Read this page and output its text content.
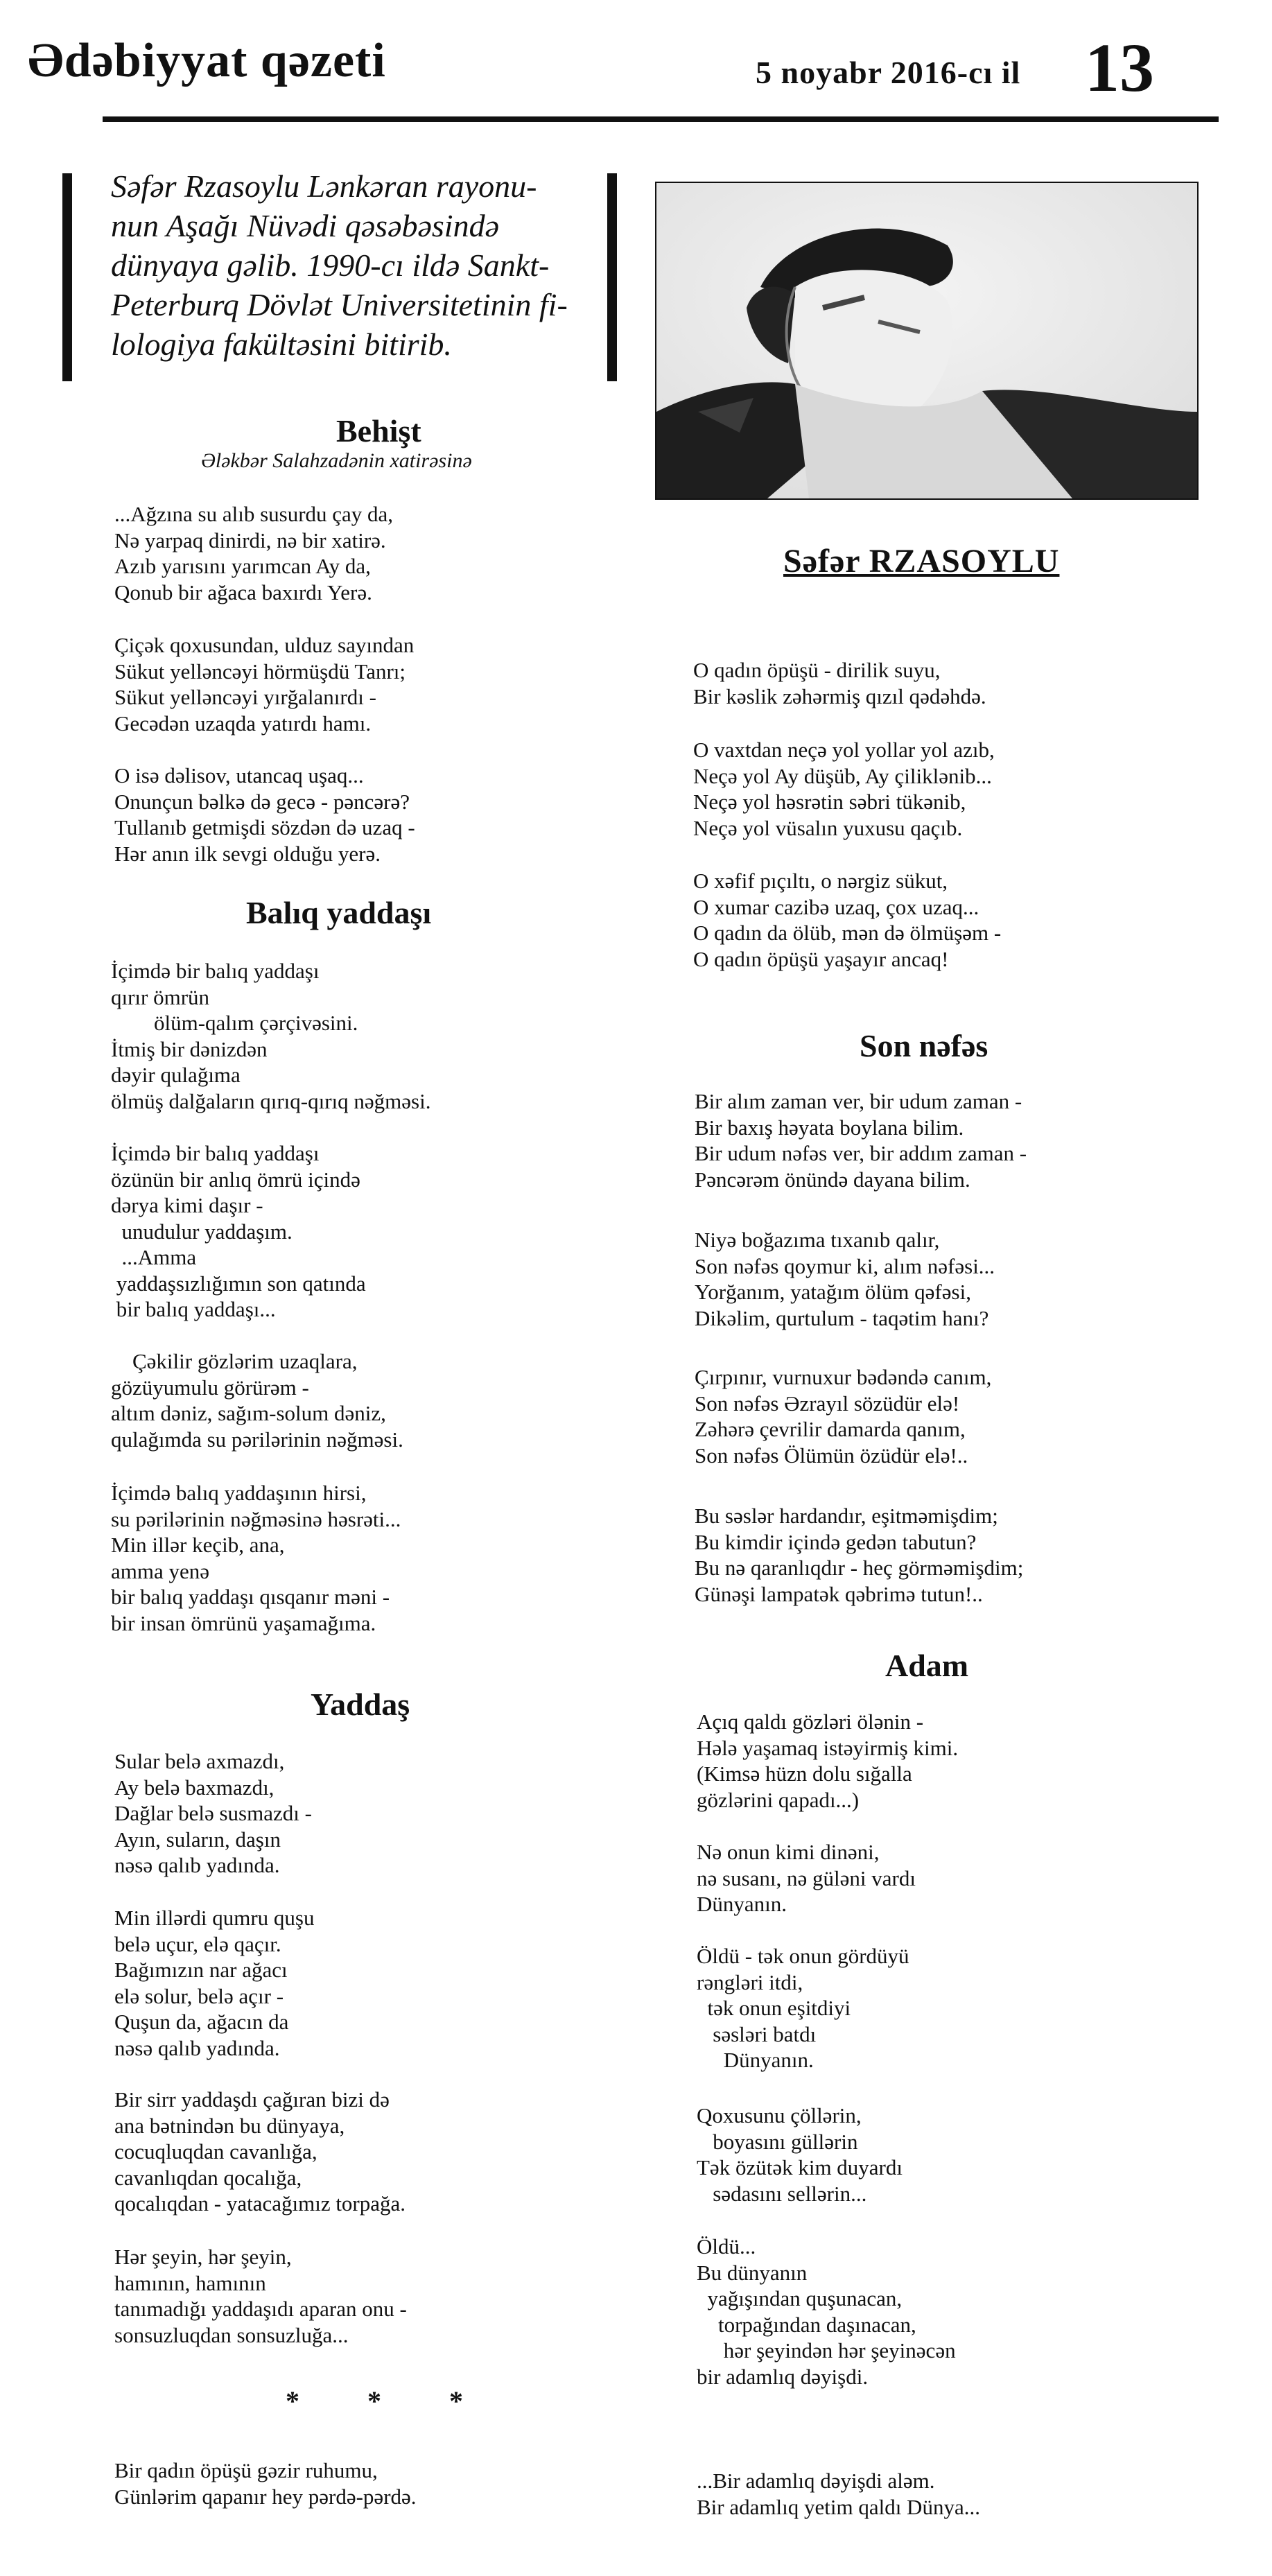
Ədəbiyyat qəzeti	5 noyabr 2016-cı il 13
Səfər Rzasoylu Lənkəran rayonu-
nun Aşağı Nüvədi qəsəbəsində
dünyaya gəlib. 1990-cı ildə Sankt-
Peterburq Dövlət Universitetinin fi-
lologiya fakültəsini bitirib.
Səfər RZASOYLU
Behişt
Ələkbər Salahzadənin xatirəsinə
...Ağzına su alıb susurdu çay da,
Nə yarpaq dinirdi, nə bir xatirə.
Azıb yarısını yarımcan Ay da,
Qonub bir ağaca baxırdı Yerə.
Çiçək qoxusundan, ulduz sayından
Sükut yelləncəyi hörmüşdü Tanrı;
Sükut yelləncəyi yırğalanırdı -
Gecədən uzaqda yatırdı hamı.
O isə dəlisov, utancaq uşaq...
Onunçun bəlkə də gecə - pəncərə?
Tullanıb getmişdi sözdən də uzaq -
Hər anın ilk sevgi olduğu yerə.
Balıq yaddaşı
İçimdə bir balıq yaddaşı
qırır ömrün
ölüm-qalım çərçivəsini.
İtmiş bir dənizdən
dəyir qulağıma
ölmüş dalğaların qırıq-qırıq nəğməsi.
İçimdə bir balıq yaddaşı
özünün bir anlıq ömrü içində
dərya kimi daşır -
unudulur yaddaşım.
...Amma
yaddaşsızlığımın son qatında
bir balıq yaddaşı...
Çəkilir gözlərim uzaqlara,
gözüyumulu görürəm -
altım dəniz, sağım-solum dəniz,
qulağımda su pərilərinin nəğməsi.
İçimdə balıq yaddaşının hirsi,
su pərilərinin nəğməsinə həsrəti...
Min illər keçib, ana,
amma yenə
bir balıq yaddaşı qısqanır məni -
bir insan ömrünü yaşamağıma.
Yaddaş
Sular belə axmazdı,
Ay belə baxmazdı,
Dağlar belə susmazdı -
Ayın, suların, daşın
nəsə qalıb yadında.
Min illərdi qumru quşu
belə uçur, elə qaçır.
Bağımızın nar ağacı
elə solur, belə açır -
Quşun da, ağacın da
nəsə qalıb yadında.
Bir sirr yaddaşdı çağıran bizi də
ana bətnindən bu dünyaya,
cocuqluqdan cavanlığa,
cavanlıqdan qocalığa,
qocalıqdan - yatacağımız torpağa.
Hər şeyin, hər şeyin,
hamının, hamının
tanımadığı yaddaşıdı aparan onu -
sonsuzluqdan sonsuzluğa...
* * *
Bir qadın öpüşü gəzir ruhumu,
Günlərim qapanır hey pərdə-pərdə.
O qadın öpüşü - dirilik suyu,
Bir kəslik zəhərmiş qızıl qədəhdə.
O vaxtdan neçə yol yollar yol azıb,
Neçə yol Ay düşüb, Ay çiliklənib...
Neçə yol həsrətin səbri tükənib,
Neçə yol vüsalın yuxusu qaçıb.
O xəfif pıçıltı, o nərgiz sükut,
O xumar cazibə uzaq, çox uzaq...
O qadın da ölüb, mən də ölmüşəm -
O qadın öpüşü yaşayır ancaq!
Son nəfəs
Bir alım zaman ver, bir udum zaman -
Bir baxış həyata boylana bilim.
Bir udum nəfəs ver, bir addım zaman -
Pəncərəm önündə dayana bilim.
Niyə boğazıma tıxanıb qalır,
Son nəfəs qoymur ki, alım nəfəsi...
Yorğanım, yatağım ölüm qəfəsi,
Dikəlim, qurtulum - taqətim hanı?
Çırpınır, vurnuxur bədəndə canım,
Son nəfəs Əzrayıl sözüdür elə!
Zəhərə çevrilir damarda qanım,
Son nəfəs Ölümün özüdür elə!..
Bu səslər hardandır, eşitməmişdim;
Bu kimdir içində gedən tabutun?
Bu nə qaranlıqdır - heç görməmişdim;
Günəşi lampatək qəbrimə tutun!..
Adam
Açıq qaldı gözləri ölənin -
Hələ yaşamaq istəyirmiş kimi.
(Kimsə hüzn dolu sığalla
gözlərini qapadı...)
Nə onun kimi dinəni,
nə susanı, nə güləni vardı
Dünyanın.
Öldü - tək onun gördüyü
rəngləri itdi,
tək onun eşitdiyi
səsləri batdı
Dünyanın.
Qoxusunu çöllərin,
boyasını güllərin
Tək özütək kim duyardı
sədasını sellərin...
Öldü...
Bu dünyanın
yağışından quşunacan,
torpağından daşınacan,
hər şeyindən hər şeyinəcən
bir adamlıq dəyişdi.
...Bir adamlıq dəyişdi aləm.
Bir adamlıq yetim qaldı Dünya...
